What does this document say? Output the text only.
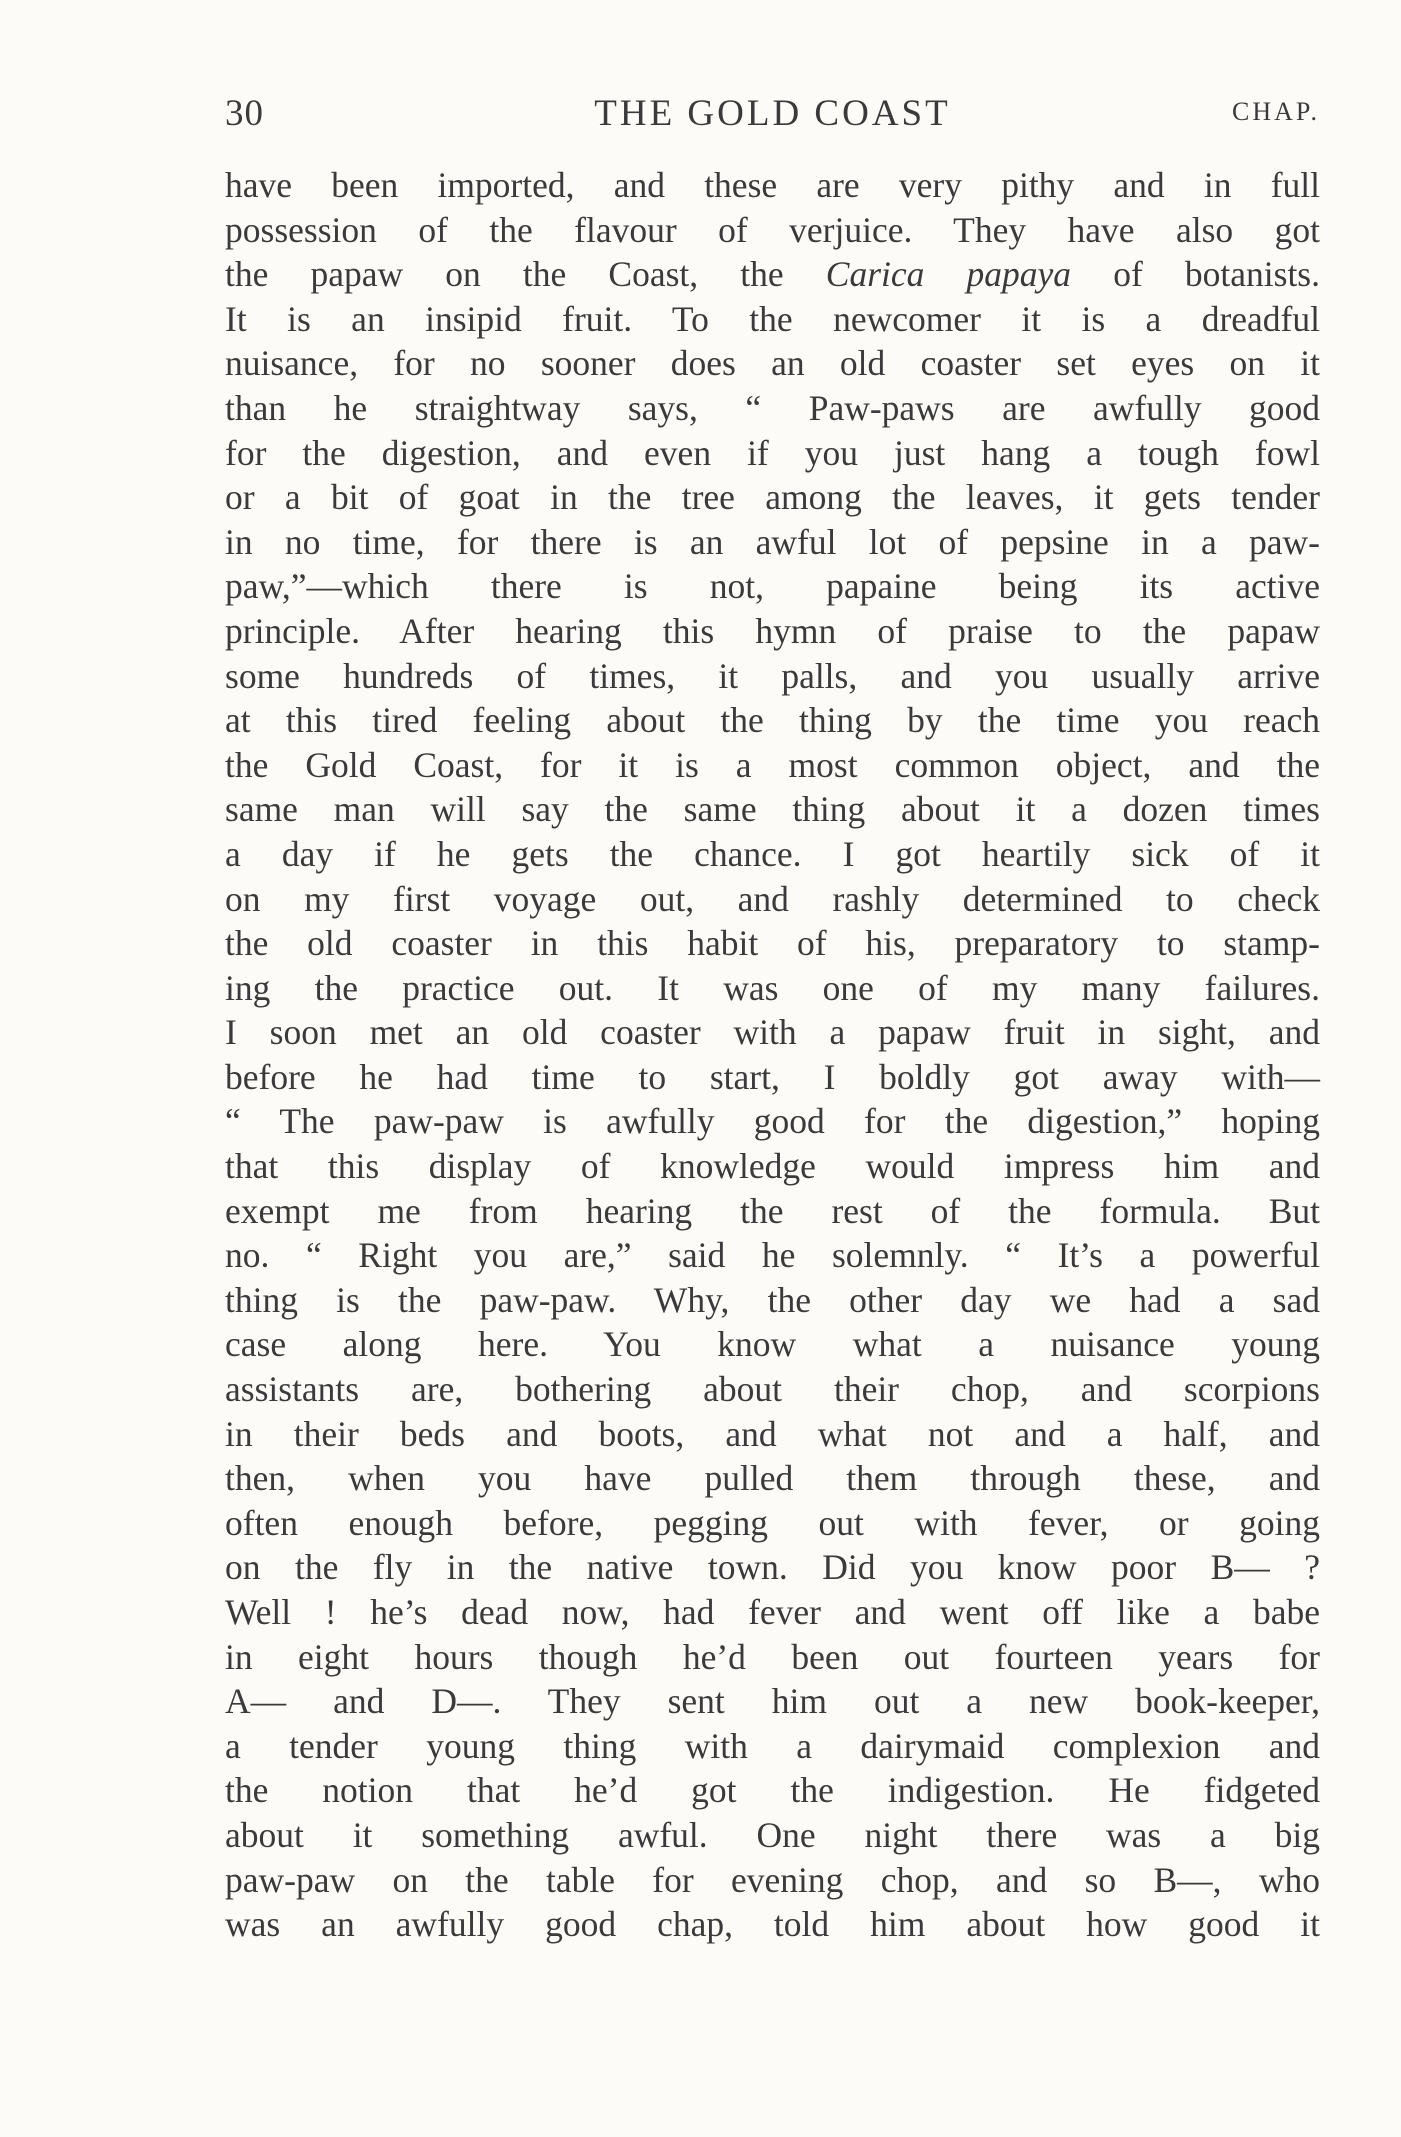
30	THE GOLD COAST	CHAP.
have been imported, and these are very pithy and in full
possession of the flavour of verjuice. They have also got
the papaw on the Coast, the Carica papaya of botanists.
It is an insipid fruit. To the newcomer it is a dreadful
nuisance, for no sooner does an old coaster set eyes on it
than he straightway says, “ Paw-paws are awfully good
for the digestion, and even if you just hang a tough fowl
or a bit of goat in the tree among the leaves, it gets tender
in no time, for there is an awful lot of pepsine in a paw-
paw,”—which there is not, papaine being its active
principle. After hearing this hymn of praise to the papaw
some hundreds of times, it palls, and you usually arrive
at this tired feeling about the thing by the time you reach
the Gold Coast, for it is a most common object, and the
same man will say the same thing about it a dozen times
a day if he gets the chance. I got heartily sick of it
on my first voyage out, and rashly determined to check
the old coaster in this habit of his, preparatory to stamp-
ing the practice out. It was one of my many failures.
I soon met an old coaster with a papaw fruit in sight, and
before he had time to start, I boldly got away with—
“ The paw-paw is awfully good for the digestion,” hoping
that this display of knowledge would impress him and
exempt me from hearing the rest of the formula. But
no. “ Right you are,” said he solemnly. “ It’s a powerful
thing is the paw-paw. Why, the other day we had a sad
case along here. You know what a nuisance young
assistants are, bothering about their chop, and scorpions
in their beds and boots, and what not and a half, and
then, when you have pulled them through these, and
often enough before, pegging out with fever, or going
on the fly in the native town. Did you know poor B— ?
Well ! he’s dead now, had fever and went off like a babe
in eight hours though he’d been out fourteen years for
A— and D—. They sent him out a new book-keeper,
a tender young thing with a dairymaid complexion and
the notion that he’d got the indigestion. He fidgeted
about it something awful. One night there was a big
paw-paw on the table for evening chop, and so B—, who
was an awfully good chap, told him about how good it
